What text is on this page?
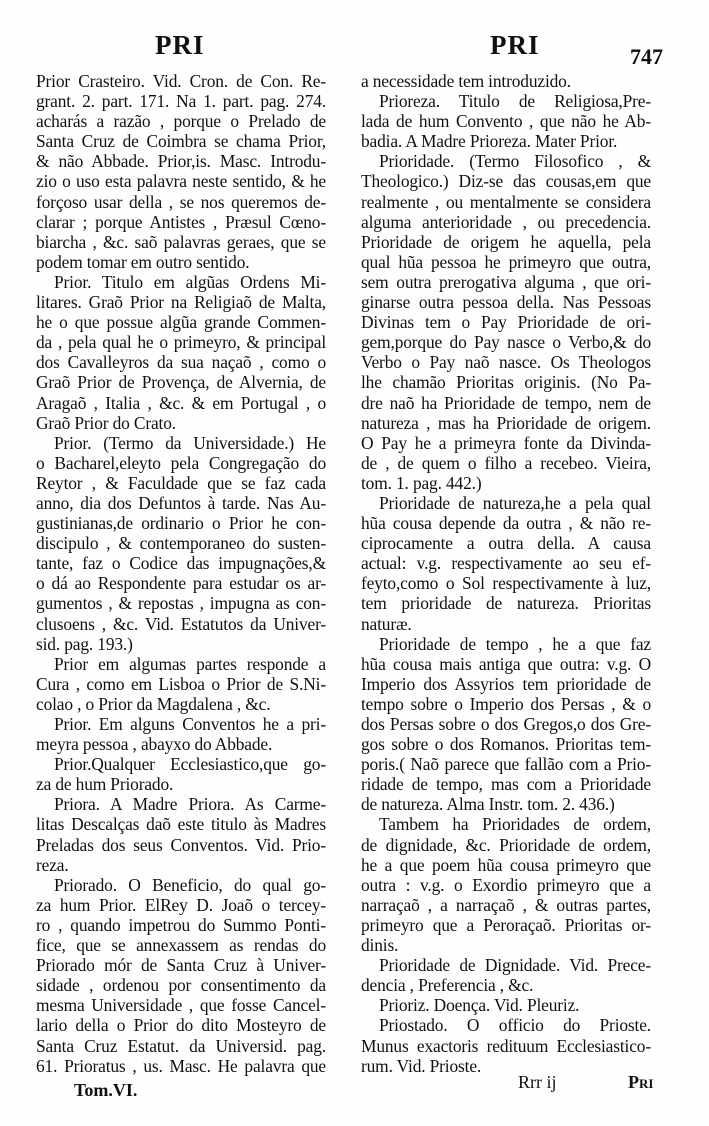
PRI	PRI	747
Prior Crasteiro. Vid. Cron. de Con. Re-
grant. 2. part. 171. Na 1. part. pag. 274.
acharás a razão , porque o Prelado de
Santa Cruz de Coimbra se chama Prior,
& não Abbade. Prior,is. Masc. Introdu-
zio o uso esta palavra neste sentido, & he
forçoso usar della , se nos queremos de-
clarar ; porque Antistes , Præsul Cœno-
biarcha , &c. saõ palavras geraes, que se
podem tomar em outro sentido.
Prior. Titulo em algũas Ordens Mi-
litares. Graõ Prior na Religiaõ de Malta,
he o que possue algũa grande Commen-
da , pela qual he o primeyro, & principal
dos Cavalleyros da sua naçaõ , como o
Graõ Prior de Provença, de Alvernia, de
Aragaõ , Italia , &c. & em Portugal , o
Graõ Prior do Crato.
Prior. (Termo da Universidade.) He
o Bacharel,eleyto pela Congregação do
Reytor , & Faculdade que se faz cada
anno, dia dos Defuntos à tarde. Nas Au-
gustinianas,de ordinario o Prior he con-
discipulo , & contemporaneo do susten-
tante, faz o Codice das impugnações,&
o dá ao Respondente para estudar os ar-
gumentos , & repostas , impugna as con-
clusoens , &c. Vid. Estatutos da Univer-
sid. pag. 193.)
Prior em algumas partes responde a
Cura , como em Lisboa o Prior de S.Ni-
colao , o Prior da Magdalena , &c.
Prior. Em alguns Conventos he a pri-
meyra pessoa , abayxo do Abbade.
Prior.Qualquer Ecclesiastico,que go-
za de hum Priorado.
Priora. A Madre Priora. As Carme-
litas Descalças daõ este titulo às Madres
Preladas dos seus Conventos. Vid. Prio-
reza.
Priorado. O Beneficio, do qual go-
za hum Prior. ElRey D. Joaõ o tercey-
ro , quando impetrou do Summo Ponti-
fice, que se annexassem as rendas do
Priorado mór de Santa Cruz à Univer-
sidade , ordenou por consentimento da
mesma Universidade , que fosse Cancel-
lario della o Prior do dito Mosteyro de
Santa Cruz Estatut. da Universid. pag.
61. Prioratus , us. Masc. He palavra que
a necessidade tem introduzido.
Prioreza. Titulo de Religiosa,Pre-
lada de hum Convento , que não he Ab-
badia. A Madre Prioreza. Mater Prior.
Prioridade. (Termo Filosofico , &
Theologico.) Diz-se das cousas,em que
realmente , ou mentalmente se considera
alguma anterioridade , ou precedencia.
Prioridade de origem he aquella, pela
qual hũa pessoa he primeyro que outra,
sem outra prerogativa alguma , que ori-
ginarse outra pessoa della. Nas Pessoas
Divinas tem o Pay Prioridade de ori-
gem,porque do Pay nasce o Verbo,& do
Verbo o Pay naõ nasce. Os Theologos
lhe chamão Prioritas originis. (No Pa-
dre naõ ha Prioridade de tempo, nem de
natureza , mas ha Prioridade de origem.
O Pay he a primeyra fonte da Divinda-
de , de quem o filho a recebeo. Vieira,
tom. 1. pag. 442.)
Prioridade de natureza,he a pela qual
hũa cousa depende da outra , & não re-
ciprocamente a outra della. A causa
actual: v.g. respectivamente ao seu ef-
feyto,como o Sol respectivamente à luz,
tem prioridade de natureza. Prioritas
naturæ.
Prioridade de tempo , he a que faz
hũa cousa mais antiga que outra: v.g. O
Imperio dos Assyrios tem prioridade de
tempo sobre o Imperio dos Persas , & o
dos Persas sobre o dos Gregos,o dos Gre-
gos sobre o dos Romanos. Prioritas tem-
poris.( Naõ parece que fallão com a Prio-
ridade de tempo, mas com a Prioridade
de natureza. Alma Instr. tom. 2. 436.)
Tambem ha Prioridades de ordem,
de dignidade, &c. Prioridade de ordem,
he a que poem hũa cousa primeyro que
outra : v.g. o Exordio primeyro que a
narraçaõ , a narraçaõ , & outras partes,
primeyro que a Peroraçaõ. Prioritas or-
dinis.
Prioridade de Dignidade. Vid. Prece-
dencia , Preferencia , &c.
Prioriz. Doença. Vid. Pleuriz.
Priostado. O officio do Prioste.
Munus exactoris redituum Ecclesiastico-
rum. Vid. Prioste.
Tom.VI.	Rrr ij	Pri
